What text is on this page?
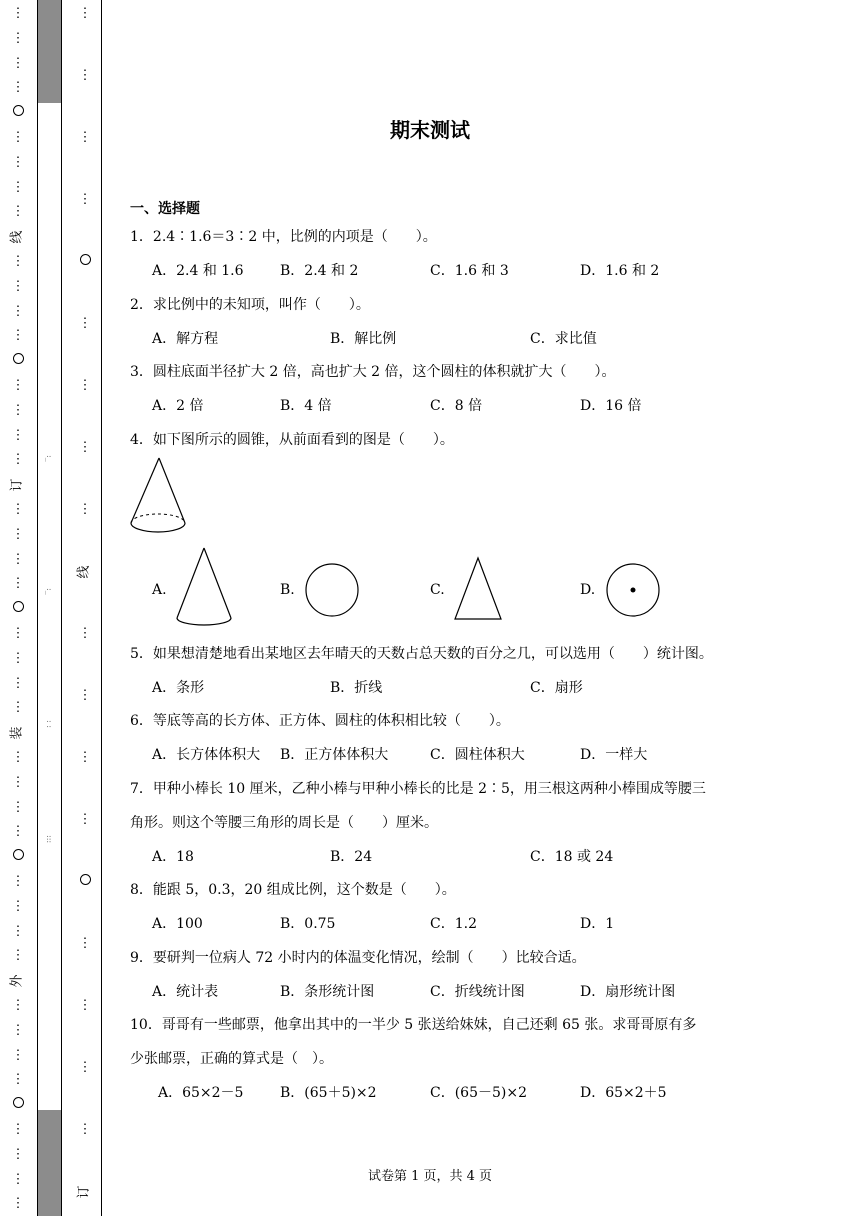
⋮
⋮
⋮
⋮
⋮
⋮
⋮
⋮
线
⋮
⋮
⋮
⋮
⋮
⋮
⋮
⋮
订
⋮
⋮
⋮
⋮
⋮
⋮
⋮
⋮
装
⋮
⋮
⋮
⋮
⋮
⋮
⋮
⋮
外
⋮
⋮
⋮
⋮
⋮
⋮
⋮
⋮
:_
:_
: :
:::
⋮
⋮
⋮
⋮
⋮
⋮
⋮
⋮
线
⋮
⋮
⋮
⋮
⋮
⋮
⋮
⋮
订
期末测试
一、选择题
1．2.4∶1.6＝3∶2 中，比例的内项是（　　）。
A．2.4 和 1.6	B．2.4 和 2	C．1.6 和 3	D．1.6 和 2
2．求比例中的未知项，叫作（　　）。
A．解方程	B．解比例	C．求比值
3．圆柱底面半径扩大 2 倍，高也扩大 2 倍，这个圆柱的体积就扩大（　　）。
A．2 倍	B．4 倍	C．8 倍	D．16 倍
4．如下图所示的圆锥，从前面看到的图是（　　）。
A.	B.	C.	D.
5．如果想清楚地看出某地区去年晴天的天数占总天数的百分之几，可以选用（　　）统计图。
A．条形	B．折线	C．扇形
6．等底等高的长方体、正方体、圆柱的体积相比较（　　）。
A．长方体体积大 B．正方体体积大	C．圆柱体积大	D．一样大
7．甲种小棒长 10 厘米，乙种小棒与甲种小棒长的比是 2∶5，用三根这两种小棒围成等腰三
角形。则这个等腰三角形的周长是（　　）厘米。
A．18	B．24	C．18 或 24
8．能跟 5，0.3，20 组成比例，这个数是（　　）。
A．100	B．0.75	C．1.2	D．1
9．要研判一位病人 72 小时内的体温变化情况，绘制（　　）比较合适。
A．统计表	B．条形统计图	C．折线统计图	D．扇形统计图
10．哥哥有一些邮票，他拿出其中的一半少 5 张送给妹妹，自己还剩 65 张。求哥哥原有多
少张邮票，正确的算式是（　）。
A．65×2－5	B．(65＋5)×2	C．(65－5)×2	D．65×2＋5
试卷第 1 页，共 4 页
